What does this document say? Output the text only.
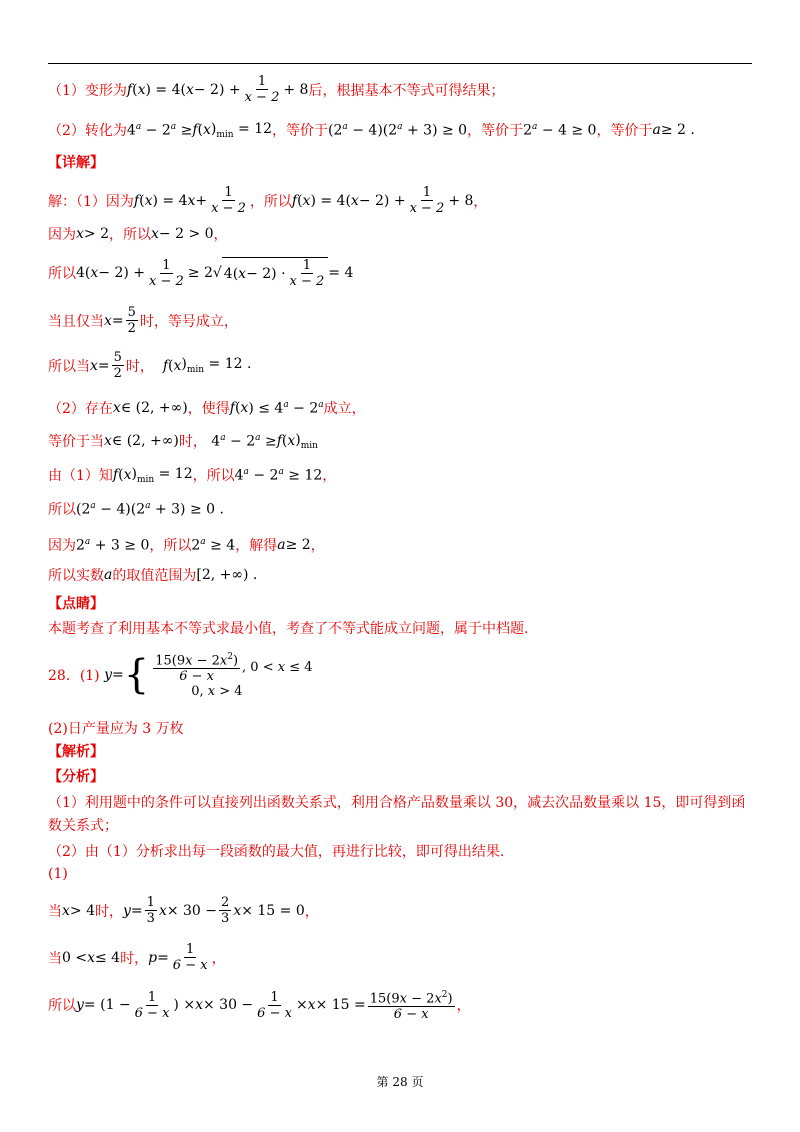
（1）变形为 f ( x ) = 4( $x - 2) + \frac{1}{x - 2} + 8$ 后，根据基本不等式可得结果；
（2）转化为 $4^a - 2^a \ge f$ ( x )$_{min} = 12$ ，等价于 $(2^a - 4)(2^a + 3) \ge 0$ ，等价于 $2^a - 4 \ge 0$ ，等价于 a ≥ 2 .
【详解】
解：（1）因为 f ( x ) = 4 $x + \frac{1}{x - 2}$ ，所以 f ( x ) = 4( $x - 2) + \frac{1}{x - 2} + 8$ ，
因为 x > 2 ，所以 x − 2 > 0 ，
所以 4( $x - 2) + \frac{1}{x - 2} \ge 2$ √ 4( $x - 2) \cdot \frac{1}{x - 2} = 4$
当且仅当 $x = \frac{5}{2}$ 时，等号成立，
所以当 $x = \frac{5}{2}$ 时，
f ( x )$_{min} = 12$ .
（2）存在 x ∈ (2, +∞) ，使得 f ( x ) ≤ $4^a - 2^a$ 成立，
等价于当 x ∈ (2, +∞) 时， $4^a - 2^a \ge f$ ( x )$_{min}$
由（1）知 f ( x )$_{min} = 12$ ，所以 $4^a - 2^a \ge 12$ ，
所以 $(2^a - 4)(2^a + 3) \ge 0$ .
因为 $2^a + 3 \ge 0$ ，所以 $2^a \ge 4$ ，解得 a ≥ 2 ，
所以实数 a 的取值范围为 [2, +∞) .
【点睛】
本题考查了利用基本不等式求最小值，考查了不等式能成立问题，属于中档题.
28．(1) y = { $\frac{15(9x - 2x^2)}{6 - x}$ , 0 < x ≤ 4
0, x > 4
(2)日产量应为 3 万枚
【解析】
【分析】
（1）利用题中的条件可以直接列出函数关系式，利用合格产品数量乘以 30，减去次品数量乘以 15，即可得到函
数关系式；
（2）由（1）分析求出每一段函数的最大值，再进行比较，即可得出结果.
(1)
当 x > 4 时， $y = \frac{1}{3}$ $x \times 30 - \frac{2}{3}$ x × 15 = 0 ，
当 0 < x ≤ 4 时， $p = \frac{1}{6 - x}$ ，
所以 $y = (1 - \frac{1}{6 - x}$ ) × $x \times 30 - \frac{1}{6 - x} \times x \times 15 = \frac{15(9x - 2x^2)}{6 - x}$ ，
第 28 页
